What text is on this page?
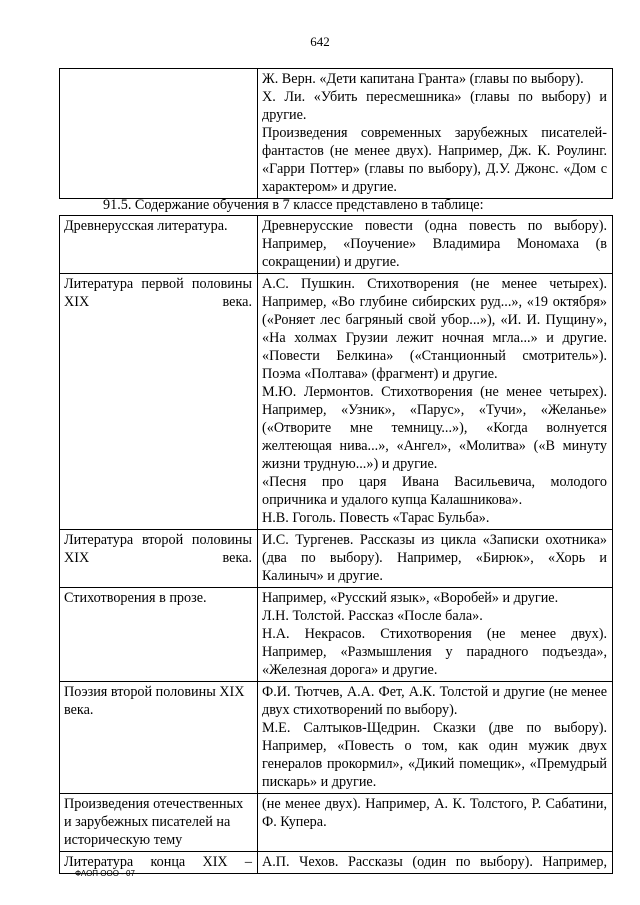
642

Ж. Верн. «Дети капитана Гранта» (главы по выбору).

Х. Ли. «Убить пересмешника» (главы по выбору) и другие.

Произведения современных зарубежных писателей-фантастов (не менее двух). Например, Дж. К. Роулинг. «Гарри Поттер» (главы по выбору), Д.У. Джонс. «Дом с характером» и другие.

91.5. Содержание обучения в 7 классе представлено в таблице:
Древнерусская литература.	Древнерусские повести (одна повесть по выбору). Например, «Поучение» Владимира Мономаха (в сокращении) и другие.

Литература первой половины XIX века.	А.С. Пушкин. Стихотворения (не менее четырех). Например, «Во глубине сибирских руд...», «19 октября» («Роняет лес багряный свой убор...»), «И. И. Пущину», «На холмах Грузии лежит ночная мгла...» и другие. «Повести Белкина» («Станционный смотритель»). Поэма «Полтава» (фрагмент) и другие.

М.Ю. Лермонтов. Стихотворения (не менее четырех). Например, «Узник», «Парус», «Тучи», «Желанье» («Отворите мне темницу...»), «Когда волнуется желтеющая нива...», «Ангел», «Молитва» («В минуту жизни трудную...») и другие.

«Песня про царя Ивана Васильевича, молодого опричника и удалого купца Калашникова».

Н.В. Гоголь. Повесть «Тарас Бульба».

Литература второй половины XIX века.	И.С. Тургенев. Рассказы из цикла «Записки охотника» (два по выбору). Например, «Бирюк», «Хорь и Калиныч» и другие.

Стихотворения в прозе.	Например, «Русский язык», «Воробей» и другие.

Л.Н. Толстой. Рассказ «После бала».

Н.А. Некрасов. Стихотворения (не менее двух). Например, «Размышления у парадного подъезда», «Железная дорога» и другие.

Поэзия второй половины XIX века.	Ф.И. Тютчев, А.А. Фет, А.К. Толстой и другие (не менее двух стихотворений по выбору).

М.Е. Салтыков-Щедрин. Сказки (две по выбору). Например, «Повесть о том, как один мужик двух генералов прокормил», «Дикий помещик», «Премудрый пискарь» и другие.

Произведения отечественных и зарубежных писателей на историческую тему	(не менее двух). Например, А. К. Толстого, Р. Сабатини, Ф. Купера.

Литература конца XIX –	А.П. Чехов. Рассказы (один по выбору). Например,

ФАОП ООО - 07
